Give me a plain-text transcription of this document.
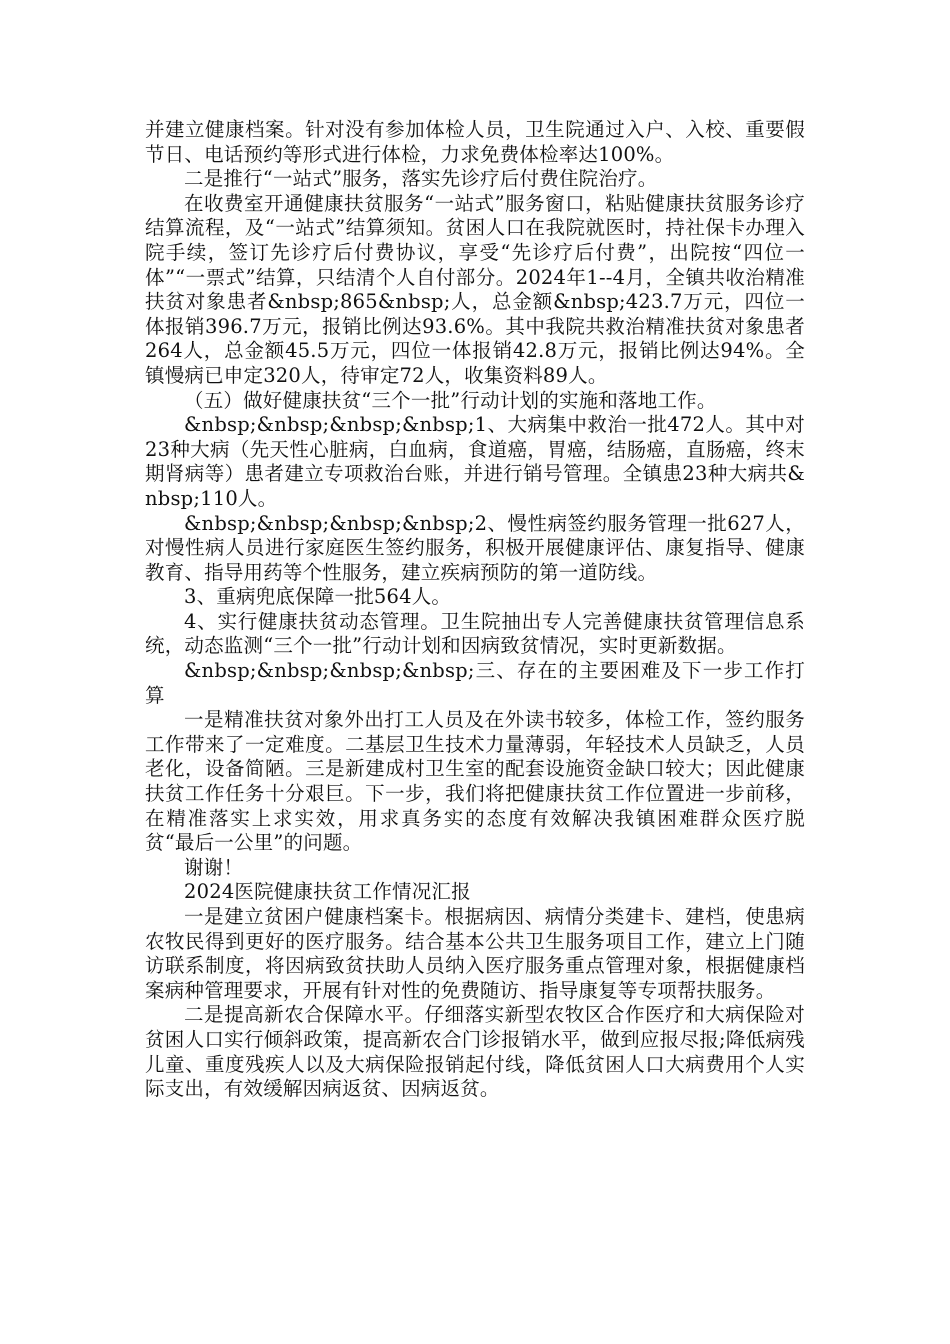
并建立健康档案。针对没有参加体检人员，卫生院通过入户、入校、重要假节日、电话预约等形式进行体检，力求免费体检率达100%。

二是推行“一站式”服务，落实先诊疗后付费住院治疗。

在收费室开通健康扶贫服务“一站式”服务窗口，粘贴健康扶贫服务诊疗结算流程，及“一站式”结算须知。贫困人口在我院就医时，持社保卡办理入院手续，签订先诊疗后付费协议，享受“先诊疗后付费”，出院按“四位一体”“一票式”结算，只结清个人自付部分。2024年1--4月，全镇共收治精准扶贫对象患者&nbsp;865&nbsp;人，总金额&nbsp;423.7万元，四位一体报销396.7万元，报销比例达93.6%。其中我院共救治精准扶贫对象患者264人，总金额45.5万元，四位一体报销42.8万元，报销比例达94%。全镇慢病已申定320人，待审定72人，收集资料89人。

（五）做好健康扶贫“三个一批”行动计划的实施和落地工作。

&nbsp;&nbsp;&nbsp;&nbsp;1、大病集中救治一批472人。其中对23种大病（先天性心脏病，白血病，食道癌，胃癌，结肠癌，直肠癌，终末期肾病等）患者建立专项救治台账，并进行销号管理。全镇患23种大病共&nbsp;110人。

&nbsp;&nbsp;&nbsp;&nbsp;2、慢性病签约服务管理一批627人，对慢性病人员进行家庭医生签约服务，积极开展健康评估、康复指导、健康教育、指导用药等个性服务，建立疾病预防的第一道防线。

3、重病兜底保障一批564人。

4、实行健康扶贫动态管理。卫生院抽出专人完善健康扶贫管理信息系统，动态监测“三个一批”行动计划和因病致贫情况，实时更新数据。

&nbsp;&nbsp;&nbsp;&nbsp;三、存在的主要困难及下一步工作打算

一是精准扶贫对象外出打工人员及在外读书较多，体检工作，签约服务工作带来了一定难度。二基层卫生技术力量薄弱，年轻技术人员缺乏，人员老化，设备简陋。三是新建成村卫生室的配套设施资金缺口较大；因此健康扶贫工作任务十分艰巨。下一步，我们将把健康扶贫工作位置进一步前移，在精准落实上求实效，用求真务实的态度有效解决我镇困难群众医疗脱贫“最后一公里”的问题。

谢谢！

2024医院健康扶贫工作情况汇报

一是建立贫困户健康档案卡。根据病因、病情分类建卡、建档，使患病农牧民得到更好的医疗服务。结合基本公共卫生服务项目工作，建立上门随访联系制度，将因病致贫扶助人员纳入医疗服务重点管理对象，根据健康档案病种管理要求，开展有针对性的免费随访、指导康复等专项帮扶服务。

二是提高新农合保障水平。仔细落实新型农牧区合作医疗和大病保险对贫困人口实行倾斜政策，提高新农合门诊报销水平，做到应报尽报;降低病残儿童、重度残疾人以及大病保险报销起付线，降低贫困人口大病费用个人实际支出，有效缓解因病返贫、因病返贫。
